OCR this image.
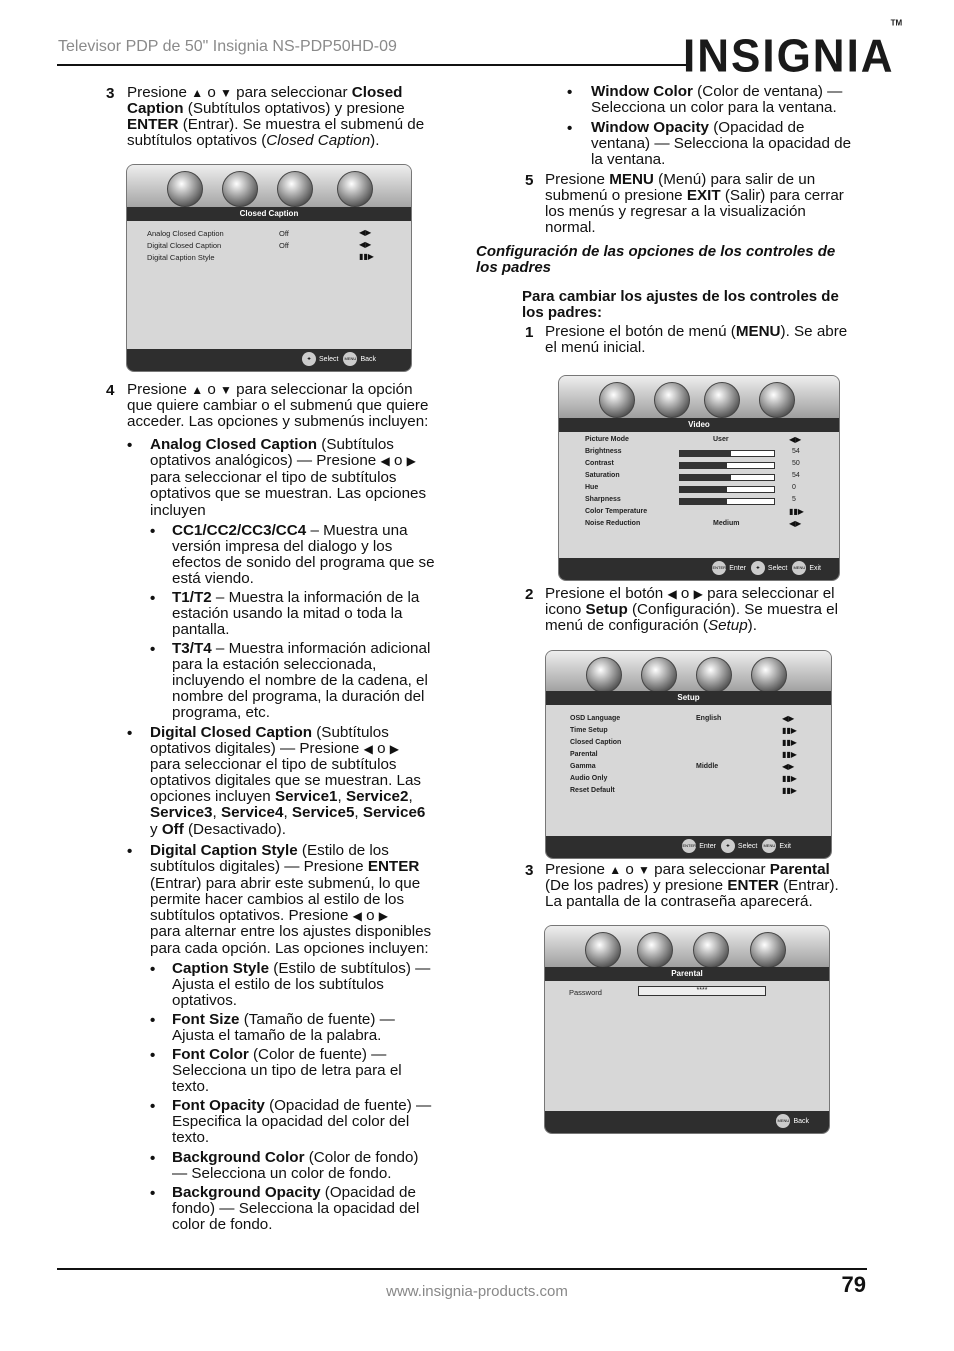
Televisor PDP de 50" Insignia NS-PDP50HD-09	INSIGNIA™
3 Presione ▲ o ▼ para seleccionar Closed
Caption (Subtítulos optativos) y presione
ENTER (Entrar). Se muestra el submenú de
subtítulos optativos (Closed Caption).
Closed Caption
Analog Closed Caption	Off	◀▶
Digital Closed Caption	Off	◀▶
Digital Caption Style	▮▮▶
✚ Select MENU Back
4 Presione ▲ o ▼ para seleccionar la opción
que quiere cambiar o el submenú que quiere
acceder. Las opciones y submenús incluyen:
• Analog Closed Caption (Subtítulos
optativos analógicos) — Presione ◀ o ▶
para seleccionar el tipo de subtítulos
optativos que se muestran. Las opciones
incluyen
• CC1/CC2/CC3/CC4 – Muestra una
versión impresa del dialogo y los
efectos de sonido del programa que se
está viendo.
• T1/T2 – Muestra la información de la
estación usando la mitad o toda la
pantalla.
• T3/T4 – Muestra información adicional
para la estación seleccionada,
incluyendo el nombre de la cadena, el
nombre del programa, la duración del
programa, etc.
• Digital Closed Caption (Subtítulos
optativos digitales) — Presione ◀ o ▶
para seleccionar el tipo de subtítulos
optativos digitales que se muestran. Las
opciones incluyen Service1, Service2,
Service3, Service4, Service5, Service6
y Off (Desactivado).
• Digital Caption Style (Estilo de los
subtítulos digitales) — Presione ENTER
(Entrar) para abrir este submenú, lo que
permite hacer cambios al estilo de los
subtítulos optativos. Presione ◀ o ▶
para alternar entre los ajustes disponibles
para cada opción. Las opciones incluyen:
• Caption Style (Estilo de subtítulos) —
Ajusta el estilo de los subtítulos
optativos.
• Font Size (Tamaño de fuente) —
Ajusta el tamaño de la palabra.
• Font Color (Color de fuente) —
Selecciona un tipo de letra para el
texto.
• Font Opacity (Opacidad de fuente) —
Especifica la opacidad del color del
texto.
• Background Color (Color de fondo)
— Selecciona un color de fondo.
• Background Opacity (Opacidad de
fondo) — Selecciona la opacidad del
color de fondo.
• Window Color (Color de ventana) —
Selecciona un color para la ventana.
• Window Opacity (Opacidad de
ventana) — Selecciona la opacidad de
la ventana.
5 Presione MENU (Menú) para salir de un
submenú o presione EXIT (Salir) para cerrar
los menús y regresar a la visualización
normal.
Configuración de las opciones de los controles de
los padres
Para cambiar los ajustes de los controles de
los padres:
1 Presione el botón de menú (MENU). Se abre
el menú inicial.
Video
Picture Mode	User	◀▶
Brightness	54
Contrast	50
Saturation	54
Hue	0
Sharpness	5
Color Temperature	▮▮▶
Noise Reduction	Medium	◀▶
ENTER Enter	✚ Select MENU Exit
2 Presione el botón ◀ o ▶ para seleccionar el
icono Setup (Configuración). Se muestra el
menú de configuración (Setup).
Setup
OSD Language	English	◀▶
Time Setup	▮▮▶
Closed Caption	▮▮▶
Parental	▮▮▶
Gamma	Middle	◀▶
Audio Only	▮▮▶
Reset Default	▮▮▶
ENTER Enter	✚ Select MENU Exit
3 Presione ▲ o ▼ para seleccionar Parental
(De los padres) y presione ENTER (Entrar).
La pantalla de la contraseña aparecerá.
Parental
Password	****
MENU Back
79
www.insignia-products.com
